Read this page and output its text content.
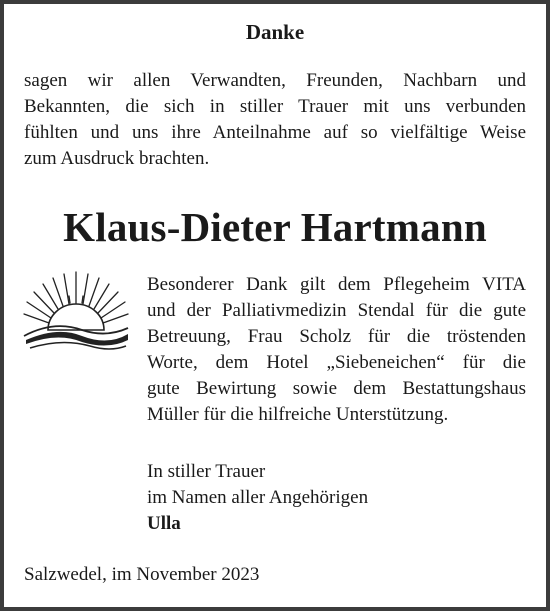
Danke
sagen wir allen Verwandten, Freunden, Nachbarn und
Bekannten, die sich in stiller Trauer mit uns verbunden
fühlten und uns ihre Anteilnahme auf so vielfältige Weise
zum Ausdruck brachten.
Klaus-Dieter Hartmann
Besonderer Dank gilt dem Pflegeheim VITA
und der Palliativmedizin Stendal für die gute
Betreuung, Frau Scholz für die tröstenden
Worte, dem Hotel „Siebeneichen“ für die
gute Bewirtung sowie dem Bestattungshaus
Müller für die hilfreiche Unterstützung.
In stiller Trauer
im Namen aller Angehörigen
Ulla
Salzwedel, im November 2023
